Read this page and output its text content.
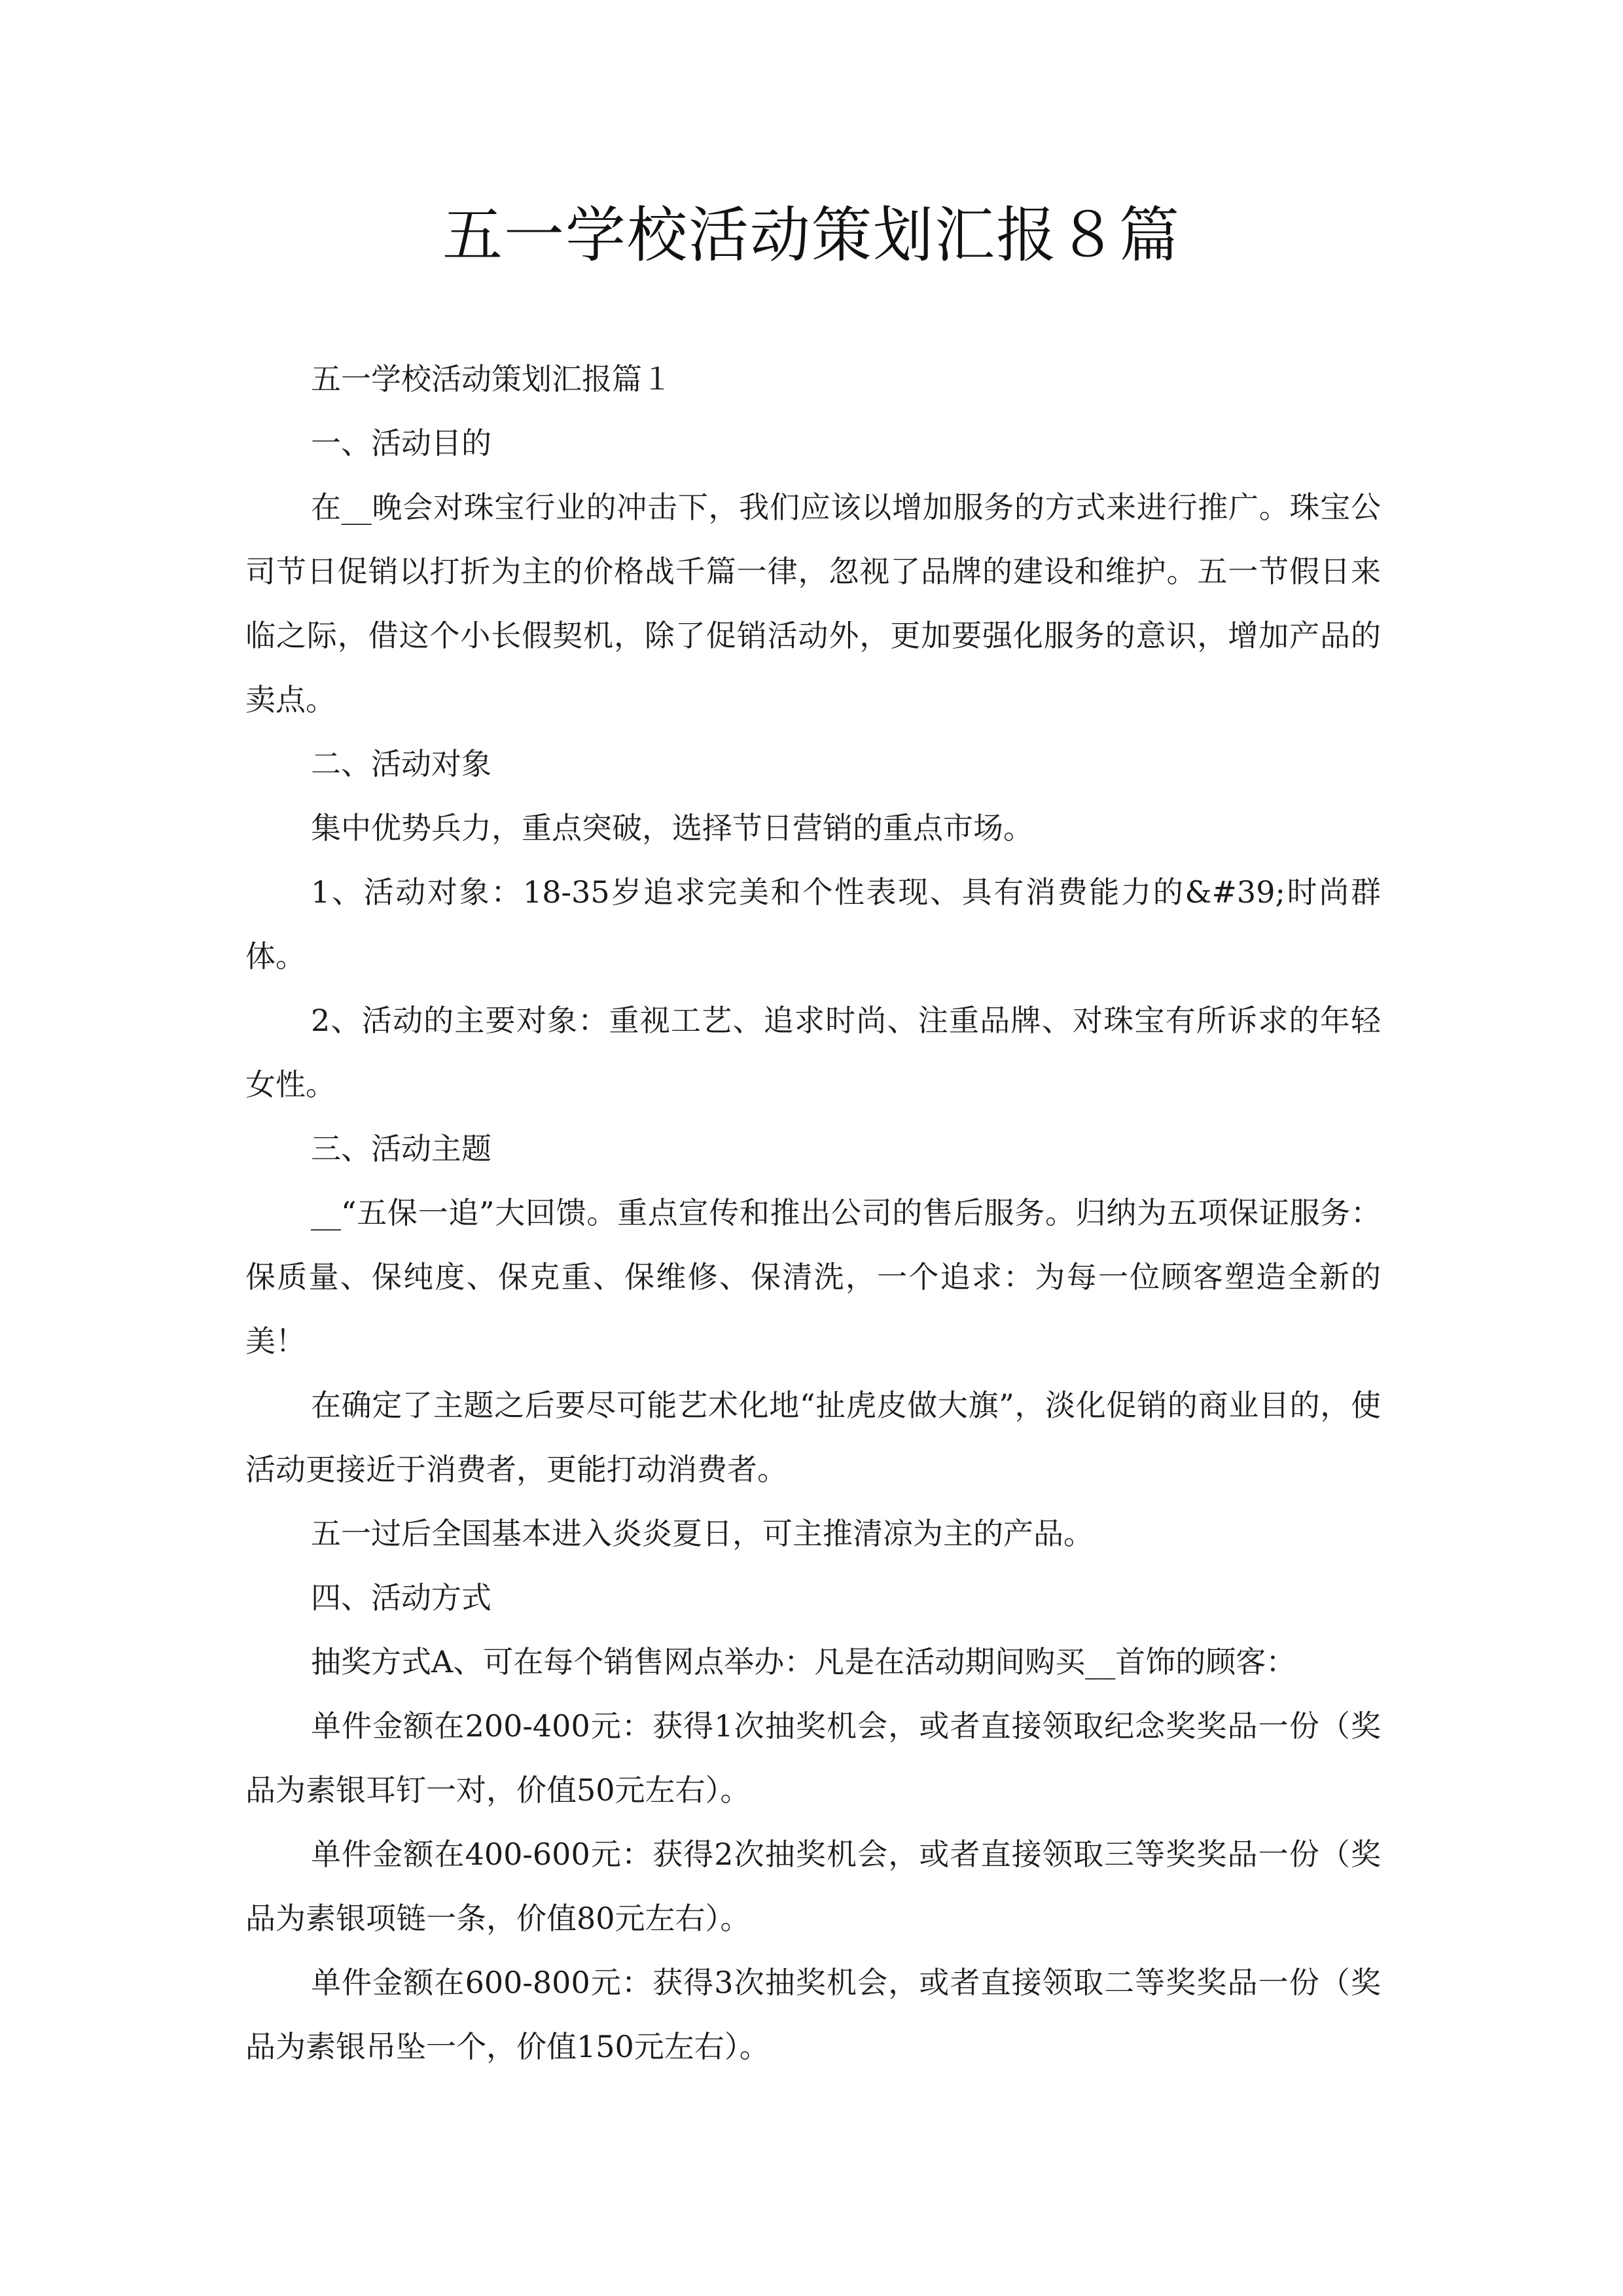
五一学校活动策划汇报８篇

五一学校活动策划汇报篇１

一、活动目的

在__晚会对珠宝行业的冲击下，我们应该以增加服务的方式来进行推广。珠宝公司节日促销以打折为主的价格战千篇一律，忽视了品牌的建设和维护。五一节假日来临之际，借这个小长假契机，除了促销活动外，更加要强化服务的意识，增加产品的卖点。

二、活动对象

集中优势兵力，重点突破，选择节日营销的重点市场。

1、活动对象：18-35岁追求完美和个性表现、具有消费能力的&#39;时尚群体。

2、活动的主要对象：重视工艺、追求时尚、注重品牌、对珠宝有所诉求的年轻女性。

三、活动主题

__“五保一追”大回馈。重点宣传和推出公司的售后服务。归纳为五项保证服务：保质量、保纯度、保克重、保维修、保清洗，一个追求：为每一位顾客塑造全新的美！

在确定了主题之后要尽可能艺术化地“扯虎皮做大旗”，淡化促销的商业目的，使活动更接近于消费者，更能打动消费者。

五一过后全国基本进入炎炎夏日，可主推清凉为主的产品。

四、活动方式

抽奖方式A、可在每个销售网点举办：凡是在活动期间购买__首饰的顾客：

单件金额在200-400元：获得1次抽奖机会，或者直接领取纪念奖奖品一份（奖品为素银耳钉一对，价值50元左右）。

单件金额在400-600元：获得2次抽奖机会，或者直接领取三等奖奖品一份（奖品为素银项链一条，价值80元左右）。

单件金额在600-800元：获得3次抽奖机会，或者直接领取二等奖奖品一份（奖品为素银吊坠一个，价值150元左右）。
